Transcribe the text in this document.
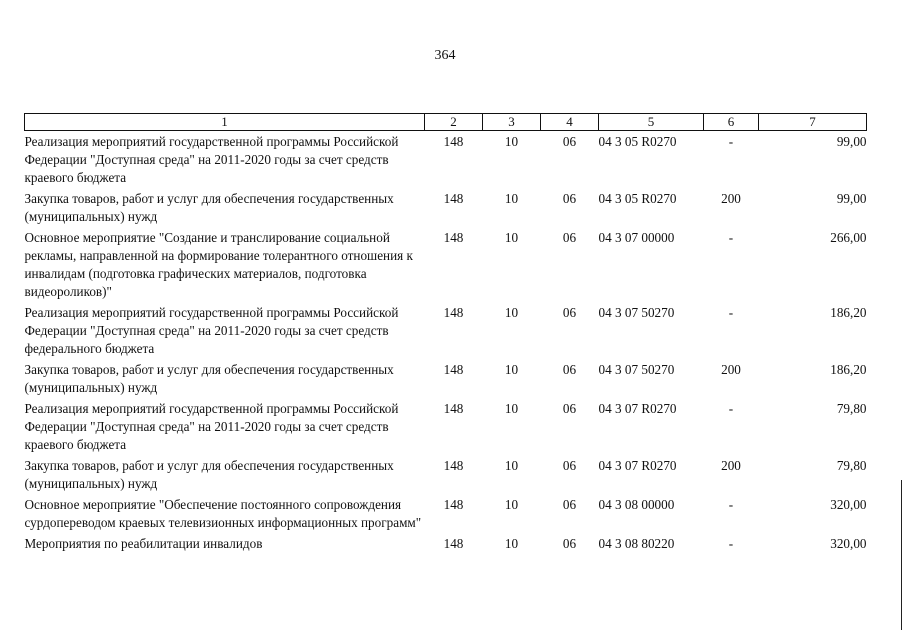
364
1	2	3	4	5	6	7
Реализация мероприятий государственной программы Российской Федерации "Доступная среда" на 2011-2020 годы за счет средств краевого бюджета	148	10	06	04 3 05 R0270	-	99,00
Закупка товаров, работ и услуг для обеспечения государственных (муниципальных) нужд	148	10	06	04 3 05 R0270	200	99,00
Основное мероприятие "Создание и транслирование социальной рекламы, направленной на формирование толерантного отношения к инвалидам (подготовка графических материалов, подготовка видеороликов)"	148	10	06	04 3 07 00000	-	266,00
Реализация мероприятий государственной программы Российской Федерации "Доступная среда" на 2011-2020 годы за счет средств федерального бюджета	148	10	06	04 3 07 50270	-	186,20
Закупка товаров, работ и услуг для обеспечения государственных (муниципальных) нужд	148	10	06	04 3 07 50270	200	186,20
Реализация мероприятий государственной программы Российской Федерации "Доступная среда" на 2011-2020 годы за счет средств краевого бюджета	148	10	06	04 3 07 R0270	-	79,80
Закупка товаров, работ и услуг для обеспечения государственных (муниципальных) нужд	148	10	06	04 3 07 R0270	200	79,80
Основное мероприятие "Обеспечение постоянного сопровождения сурдопереводом краевых телевизионных информационных программ"	148	10	06	04 3 08 00000	-	320,00
Мероприятия по реабилитации инвалидов	148	10	06	04 3 08 80220	-	320,00
